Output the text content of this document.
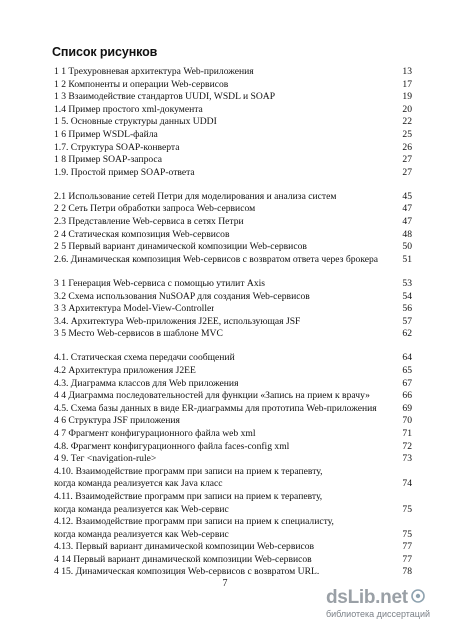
Список рисунков
1 1 Трехуровневая архитектура Web-приложения	13
1 2 Компоненты и операции Web-сервисов	17
1 3 Взаимодействие стандартов UUDI, WSDL и SOAP	19
1.4 Пример простого xml-документа	20
1 5. Основные структуры данных UDDI	22
1 6 Пример WSDL-файла	25
1.7. Структура SOAP-конверта	26
1 8 Пример SOAP-запроса	27
1.9. Простой пример SOAP-ответа	27
2.1 Использование сетей Петри для моделирования и анализа систем	45
2 2 Сеть Петри обработки запроса Web-сервисом	47
2.3 Представление Web-сервиса в сетях Петри	47
2 4 Статическая композиция Web-сервисов	48
2 5 Первый вариант динамической композиции Web-сервисов	50
2.6. Динамическая композиция Web-сервисов с возвратом ответа через брокера	51
3 1 Генерация Web-сервиса с помощью утилит Axis	53
3.2 Схема использования NuSOAP для создания Web-сервисов	54
3 3 Архитектура Model-View-Controller	56
3.4. Архитектура Web-приложения J2EE, использующая JSF	57
3 5 Место Web-сервисов в шаблоне MVC	62
4.1. Статическая схема передачи сообщений	64
4.2 Архитектура приложения J2EE	65
4.3. Диаграмма классов для Web приложения	67
4 4 Диаграмма последовательностей для функции «Запись на прием к врачу»	66
4.5. Схема базы данных в виде ER-диаграммы для прототипа Web-приложения	69
4 6 Структура JSF приложения	70
4 7 Фрагмент конфигурационного файла web xml	71
4.8. Фрагмент конфигурационного файла faces-config xml	72
4 9. Тег <navigation-rule>	73
4.10. Взаимодействие программ при записи на прием к терапевту,
когда команда реализуется как Java класс	74
4.11. Взаимодействие программ при записи на прием к терапевту,
когда команда реализуется как Web-сервис	75
4.12. Взаимодействие программ при записи на прием к специалисту,
когда команда реализуется как Web-сервис	75
4.13. Первый вариант динамической композиции Web-сервисов	77
4 14 Первый вариант динамической композиции Web-сервисов	77
4 15. Динамическая композиция Web-сервисов с возвратом URL.	78
7
dsLib.net
библиотека диссертаций
